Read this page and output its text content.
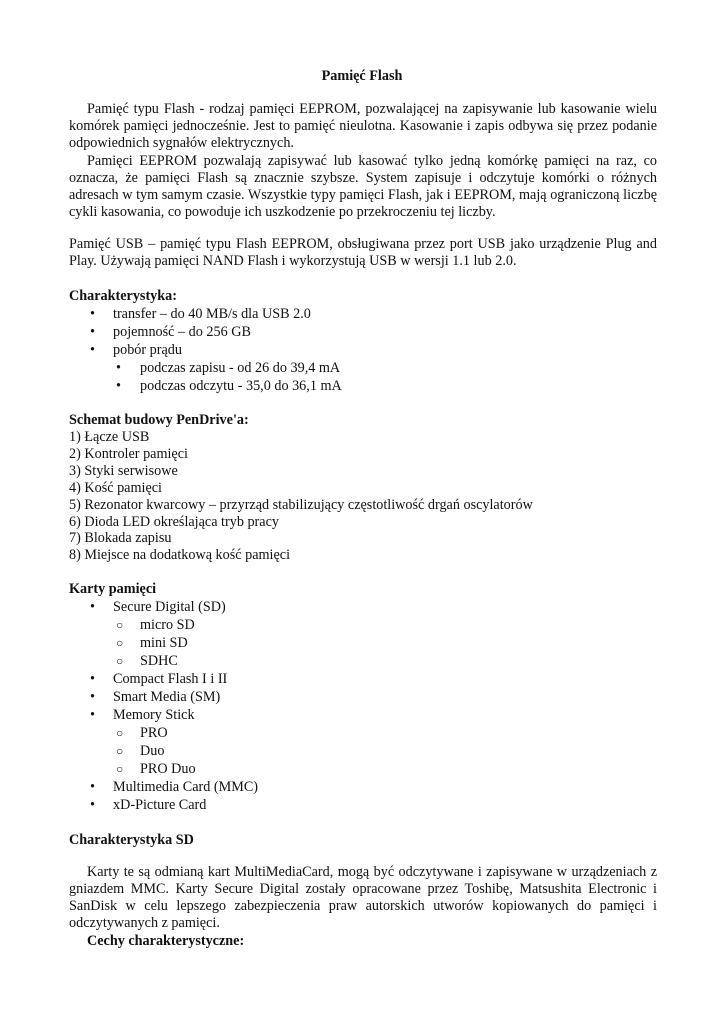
Pamięć Flash

Pamięć typu Flash - rodzaj pamięci EEPROM, pozwalającej na zapisywanie lub kasowanie wielu komórek pamięci jednocześnie. Jest to pamięć nieulotna. Kasowanie i zapis odbywa się przez podanie odpowiednich sygnałów elektrycznych.

Pamięci EEPROM pozwalają zapisywać lub kasować tylko jedną komórkę pamięci na raz, co oznacza, że pamięci Flash są znacznie szybsze. System zapisuje i odczytuje komórki o różnych adresach w tym samym czasie. Wszystkie typy pamięci Flash, jak i EEPROM, mają ograniczoną liczbę cykli kasowania, co powoduje ich uszkodzenie po przekroczeniu tej liczby.

Pamięć USB – pamięć typu Flash EEPROM, obsługiwana przez port USB jako urządzenie Plug and Play. Używają pamięci NAND Flash i wykorzystują USB w wersji 1.1 lub 2.0.

Charakterystyka:
• transfer – do 40 MB/s dla USB 2.0
• pojemność – do 256 GB
• pobór prądu
• podczas zapisu - od 26 do 39,4 mA
• podczas odczytu - 35,0 do 36,1 mA
Schemat budowy PenDrive'a:
1) Łącze USB
2) Kontroler pamięci
3) Styki serwisowe
4) Kość pamięci
5) Rezonator kwarcowy – przyrząd stabilizujący częstotliwość drgań oscylatorów
6) Dioda LED określająca tryb pracy
7) Blokada zapisu
8) Miejsce na dodatkową kość pamięci
Karty pamięci
• Secure Digital (SD)
○ micro SD
○ mini SD
○ SDHC
• Compact Flash I i II
• Smart Media (SM)
• Memory Stick
○ PRO
○ Duo
○ PRO Duo
• Multimedia Card (MMC)
• xD-Picture Card
Charakterystyka SD

Karty te są odmianą kart MultiMediaCard, mogą być odczytywane i zapisywane w urządzeniach z gniazdem MMC. Karty Secure Digital zostały opracowane przez Toshibę, Matsushita Electronic i SanDisk w celu lepszego zabezpieczenia praw autorskich utworów kopiowanych do pamięci i odczytywanych z pamięci.

Cechy charakterystyczne:
